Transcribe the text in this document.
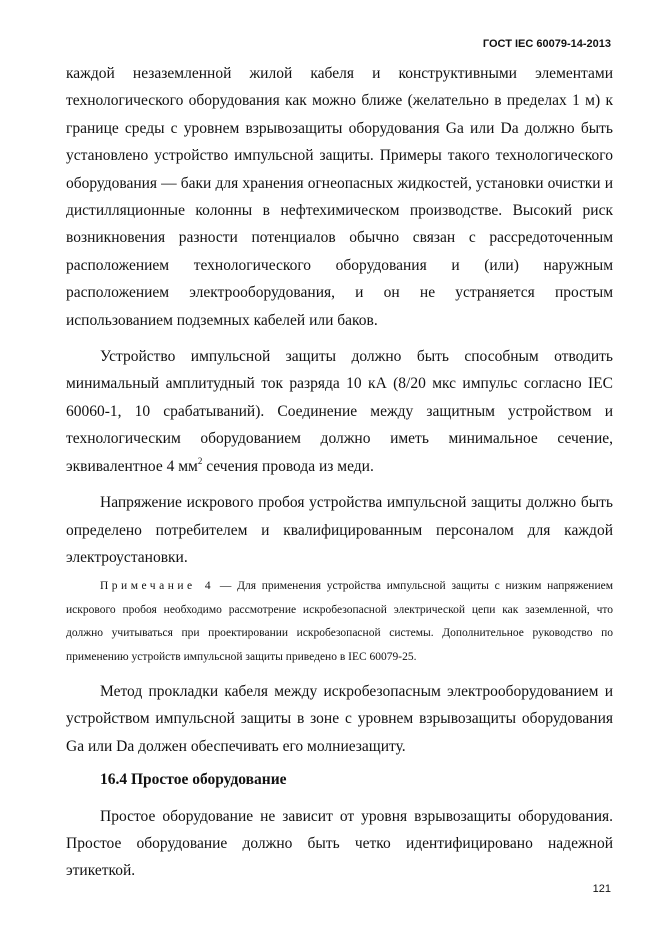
ГОСТ IEC 60079-14-2013

каждой незаземленной жилой кабеля и конструктивными элементами технологического оборудования как можно ближе (желательно в пределах 1 м) к границе среды с уровнем взрывозащиты оборудования Ga или Da должно быть установлено устройство импульсной защиты. Примеры такого технологического оборудования — баки для хранения огнеопасных жидкостей, установки очистки и дистилляционные колонны в нефтехимическом производстве. Высокий риск возникновения разности потенциалов обычно связан с рассредоточенным расположением технологического оборудования и (или) наружным расположением электрооборудования, и он не устраняется простым использованием подземных кабелей или баков.

Устройство импульсной защиты должно быть способным отводить минимальный амплитудный ток разряда 10 кА (8/20 мкс импульс согласно IEC 60060-1, 10 срабатываний). Соединение между защитным устройством и технологическим оборудованием должно иметь минимальное сечение, эквивалентное 4 $мм^2$ сечения провода из меди.

Напряжение искрового пробоя устройства импульсной защиты должно быть определено потребителем и квалифицированным персоналом для каждой электроустановки.

Примечание 4 — Для применения устройства импульсной защиты с низким напряжением искрового пробоя необходимо рассмотрение искробезопасной электрической цепи как заземленной, что должно учитываться при проектировании искробезопасной системы. Дополнительное руководство по применению устройств импульсной защиты приведено в IEC 60079-25.

Метод прокладки кабеля между искробезопасным электрооборудованием и устройством импульсной защиты в зоне с уровнем взрывозащиты оборудования Ga или Da должен обеспечивать его молниезащиту.

16.4 Простое оборудование

Простое оборудование не зависит от уровня взрывозащиты оборудования. Простое оборудование должно быть четко идентифицировано надежной этикеткой.

121
